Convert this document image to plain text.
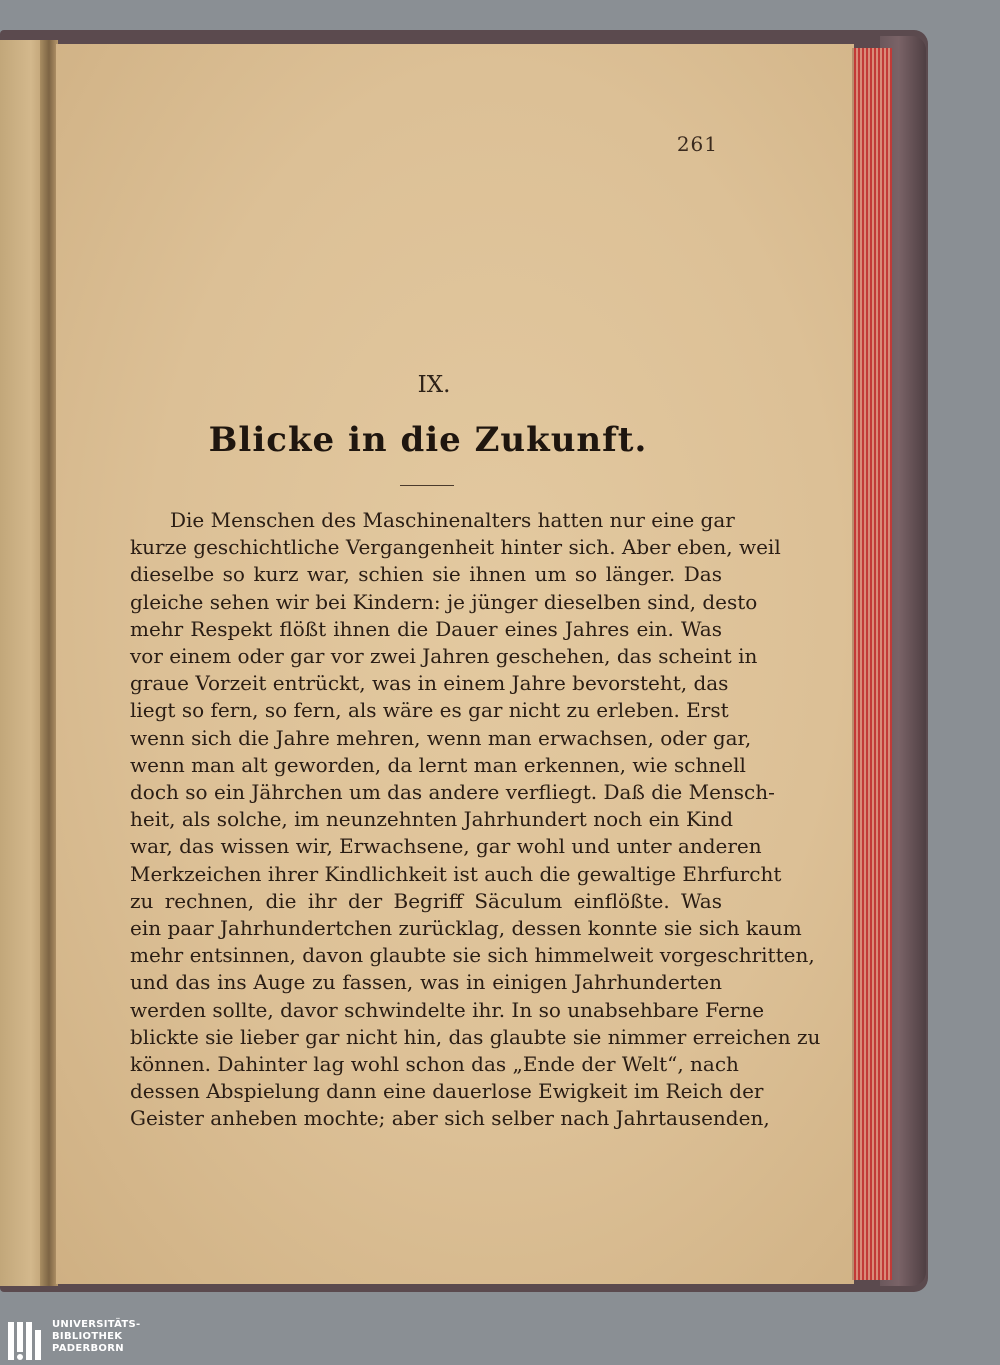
261
IX.
Blicke in die Zukunft.
Die Menschen des Maschinenalters hatten nur eine gar
kurze geschichtliche Vergangenheit hinter sich. Aber eben, weil
dieselbe so kurz war, schien sie ihnen um so länger. Das
gleiche sehen wir bei Kindern: je jünger dieselben sind, desto
mehr Respekt flößt ihnen die Dauer eines Jahres ein. Was
vor einem oder gar vor zwei Jahren geschehen, das scheint in
graue Vorzeit entrückt, was in einem Jahre bevorsteht, das
liegt so fern, so fern, als wäre es gar nicht zu erleben. Erst
wenn sich die Jahre mehren, wenn man erwachsen, oder gar,
wenn man alt geworden, da lernt man erkennen, wie schnell
doch so ein Jährchen um das andere verfliegt. Daß die Mensch-
heit, als solche, im neunzehnten Jahrhundert noch ein Kind
war, das wissen wir, Erwachsene, gar wohl und unter anderen
Merkzeichen ihrer Kindlichkeit ist auch die gewaltige Ehrfurcht
zu rechnen, die ihr der Begriff Säculum einflößte. Was
ein paar Jahrhundertchen zurücklag, dessen konnte sie sich kaum
mehr entsinnen, davon glaubte sie sich himmelweit vorgeschritten,
und das ins Auge zu fassen, was in einigen Jahrhunderten
werden sollte, davor schwindelte ihr. In so unabsehbare Ferne
blickte sie lieber gar nicht hin, das glaubte sie nimmer erreichen zu
können. Dahinter lag wohl schon das „Ende der Welt“, nach
dessen Abspielung dann eine dauerlose Ewigkeit im Reich der
Geister anheben mochte; aber sich selber nach Jahrtausenden,
UNIVERSITÄTS-
BIBLIOTHEK
PADERBORN
